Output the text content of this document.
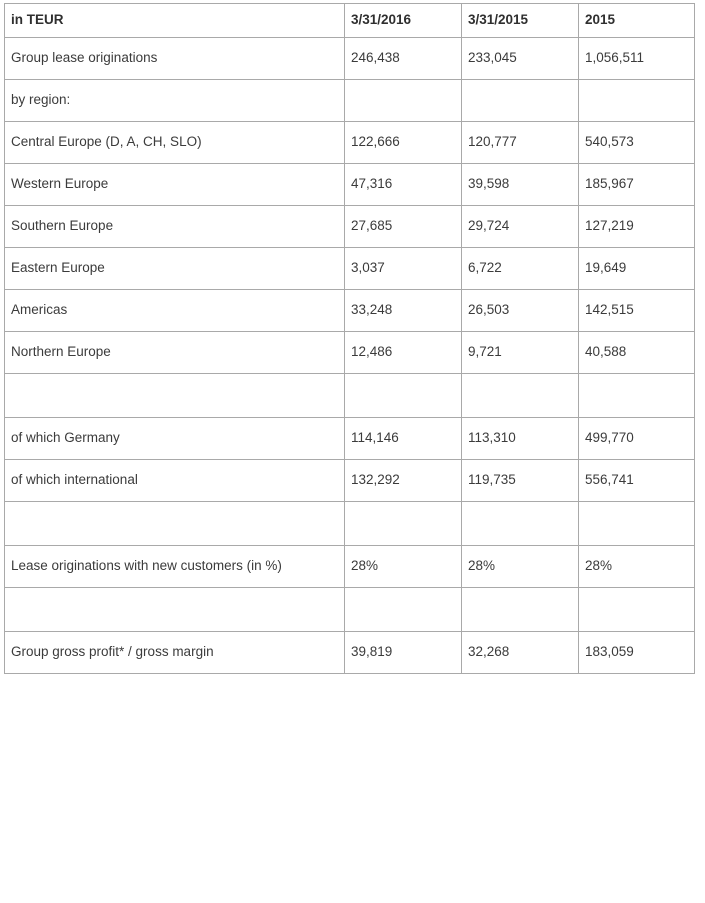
in TEUR	3/31/2016	3/31/2015	2015
Group lease originations	246,438	233,045	1,056,511
by region:			
Central Europe (D, A, CH, SLO)	122,666	120,777	540,573
Western Europe	47,316	39,598	185,967
Southern Europe	27,685	29,724	127,219
Eastern Europe	3,037	6,722	19,649
Americas	33,248	26,503	142,515
Northern Europe	12,486	9,721	40,588

of which Germany	114,146	113,310	499,770
of which international	132,292	119,735	556,741

Lease originations with new customers (in %)	28%	28%	28%

Group gross profit* / gross margin	39,819	32,268	183,059
